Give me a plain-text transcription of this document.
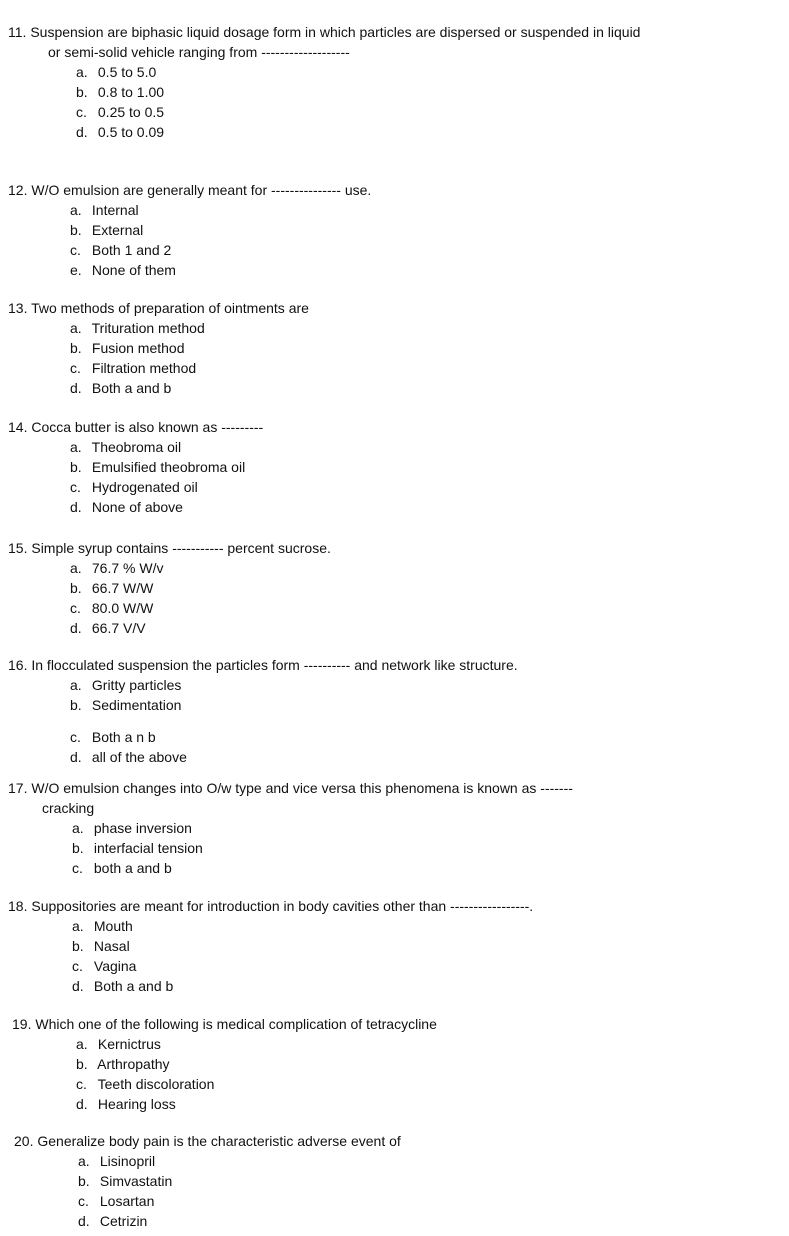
11. Suspension are biphasic liquid dosage form in which particles are dispersed or suspended in liquid
or semi-solid vehicle ranging from -------------------
a. 0.5 to 5.0
b. 0.8 to 1.00
c. 0.25 to 0.5
d. 0.5 to 0.09
12. W/O emulsion are generally meant for --------------- use.
a. Internal
b. External
c. Both 1 and 2
e. None of them
13. Two methods of preparation of ointments are
a. Trituration method
b. Fusion method
c. Filtration method
d. Both a and b
14. Cocca butter is also known as ---------
a. Theobroma oil
b. Emulsified theobroma oil
c. Hydrogenated oil
d. None of above
15. Simple syrup contains ----------- percent sucrose.
a. 76.7 % W/v
b. 66.7 W/W
c. 80.0 W/W
d. 66.7 V/V
16. In flocculated suspension the particles form ---------- and network like structure.
a. Gritty particles
b. Sedimentation
c. Both a n b
d. all of the above
17. W/O emulsion changes into O/w type and vice versa this phenomena is known as -------
cracking
a. phase inversion
b. interfacial tension
c. both a and b
18. Suppositories are meant for introduction in body cavities other than -----------------.
a. Mouth
b. Nasal
c. Vagina
d. Both a and b
19. Which one of the following is medical complication of tetracycline
a. Kernictrus
b. Arthropathy
c. Teeth discoloration
d. Hearing loss
20. Generalize body pain is the characteristic adverse event of
a. Lisinopril
b. Simvastatin
c. Losartan
d. Cetrizin
